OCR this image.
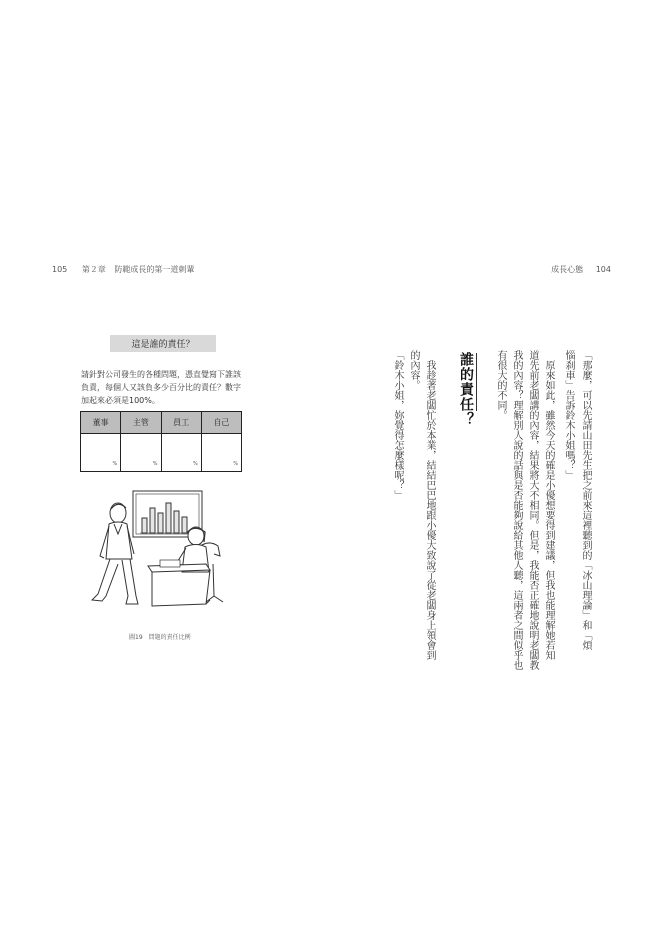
105 第２章 防範成長的第一道刺輩	成長心態 104
這是誰的責任？
請針對公司發生的各種問題，憑直覺寫下誰該
負責，每個人又該負多少百分比的責任？數字
加起來必須是100%。
董事	主管	員工	自己
%	%	%	%
圖19　問題的責任比例	「那麼，可以先請山田先生把之前來這裡聽到的「冰山理論」和「煩
惱刹車」告訴鈴木小姐嗎？」
原來如此，雖然今天的確是小優想要得到建議，但我也能理解她若知
道先前老闆講的內容，結果將大不相同。但是，我能否正確地說明老闆教
我的內容？理解別人說的話與是否能夠說給其他人聽，這兩者之間似乎也
有很大的不同。
誰的責任？
我趁著老闆忙於本業，結結巴巴地跟小優大致說了從老闆身上領會到
的內容。
「鈴木小姐，妳覺得怎麼樣呢？」
